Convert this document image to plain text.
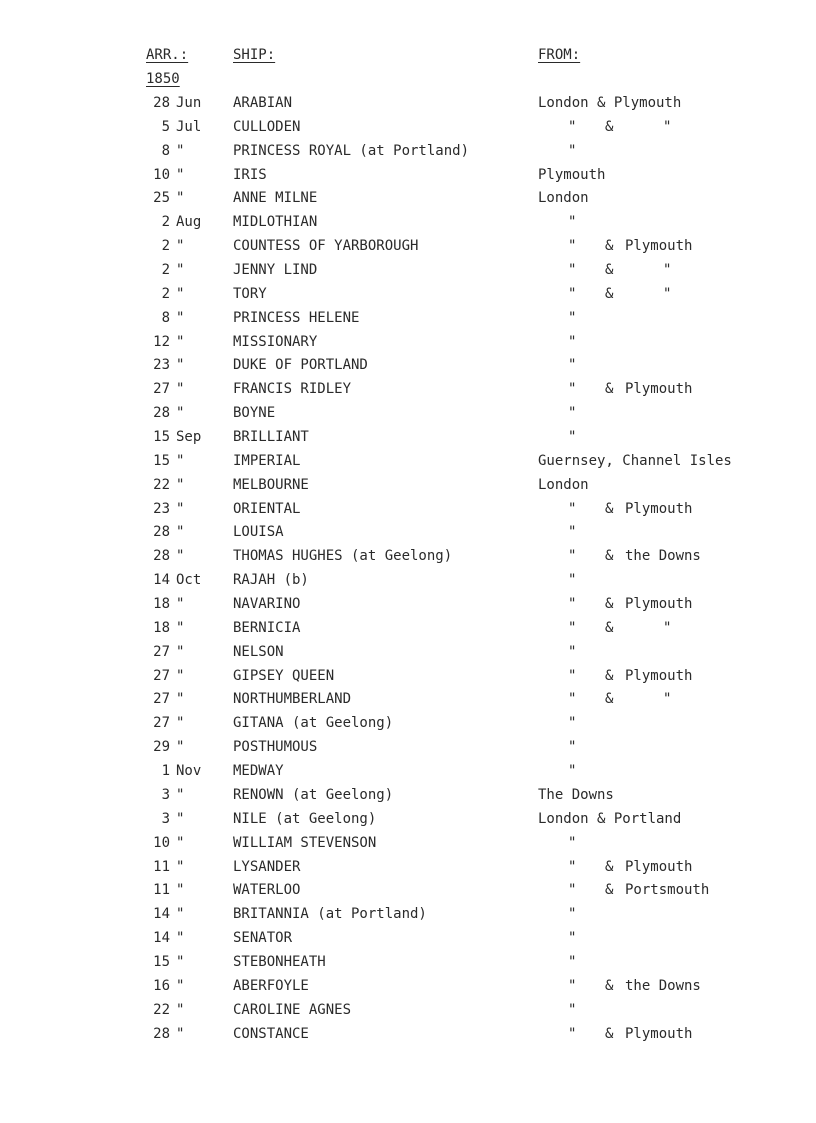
ARR.:	SHIP:	FROM:
1850
28 Jun ARABIAN	London & Plymouth
5 Jul CULLODEN	" &	"
8 "	PRINCESS ROYAL (at Portland)	"
10 "	IRIS	Plymouth
25 "	ANNE MILNE	London
2 Aug MIDLOTHIAN	"
2 "	COUNTESS OF YARBOROUGH	" & Plymouth
2 "	JENNY LIND	" &	"
2 "	TORY	" &	"
8 "	PRINCESS HELENE	"
12 "	MISSIONARY	"
23 "	DUKE OF PORTLAND	"
27 "	FRANCIS RIDLEY	" & Plymouth
28 "	BOYNE	"
15 Sep BRILLIANT	"
15 "	IMPERIAL	Guernsey, Channel Isles
22 "	MELBOURNE	London
23 "	ORIENTAL	" & Plymouth
28 "	LOUISA	"
28 "	THOMAS HUGHES (at Geelong)	" & the Downs
14 Oct RAJAH (b)	"
18 "	NAVARINO	" & Plymouth
18 "	BERNICIA	" &	"
27 "	NELSON	"
27 "	GIPSEY QUEEN	" & Plymouth
27 "	NORTHUMBERLAND	" &	"
27 "	GITANA (at Geelong)	"
29 "	POSTHUMOUS	"
1 Nov MEDWAY	"
3 "	RENOWN (at Geelong)	The Downs
3 "	NILE (at Geelong)	London & Portland
10 "	WILLIAM STEVENSON	"
11 "	LYSANDER	" & Plymouth
11 "	WATERLOO	" & Portsmouth
14 "	BRITANNIA (at Portland)	"
14 "	SENATOR	"
15 "	STEBONHEATH	"
16 "	ABERFOYLE	" & the Downs
22 "	CAROLINE AGNES	"
28 "	CONSTANCE	" & Plymouth
